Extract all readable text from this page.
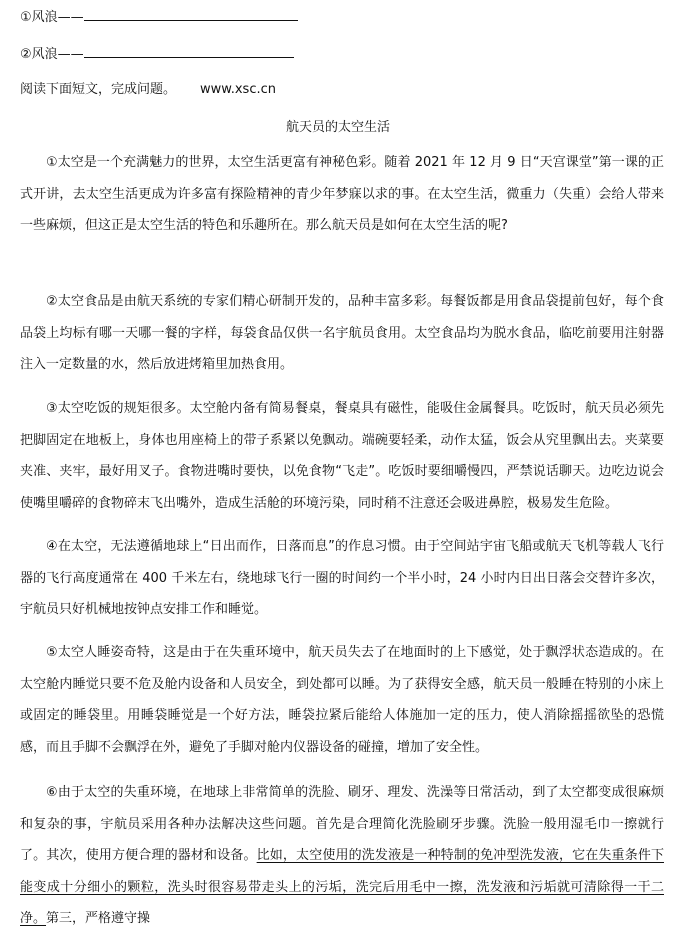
①风浪——
②风浪——
阅读下面短文，完成问题。 www.xsc.cn
航天员的太空生活
①太空是一个充满魅力的世界，太空生活更富有神秘色彩。随着 2021 年 12 月 9 日“天宫课堂”第一课的正式开讲，去太空生活更成为许多富有探险精神的青少年梦寐以求的事。在太空生活，微重力（失重）会给人带来一些麻烦，但这正是太空生活的特色和乐趣所在。那么航天员是如何在太空生活的呢?
②太空食品是由航天系统的专家们精心研制开发的，品种丰富多彩。每餐饭都是用食品袋提前包好，每个食品袋上均标有哪一天哪一餐的字样，每袋食品仅供一名宇航员食用。太空食品均为脱水食品，临吃前要用注射器注入一定数量的水，然后放进烤箱里加热食用。
③太空吃饭的规矩很多。太空舱内备有简易餐桌，餐桌具有磁性，能吸住金属餐具。吃饭时，航天员必须先把脚固定在地板上，身体也用座椅上的带子系紧以免飘动。端碗要轻柔，动作太猛，饭会从究里飘出去。夹菜要夹准、夹牢，最好用叉子。食物进嘴时要快，以免食物“飞走”。吃饭时要细嚼慢四，严禁说话聊天。边吃边说会使嘴里嚼碎的食物碎末飞出嘴外，造成生活舱的环境污染，同时稍不注意还会吸进鼻腔，极易发生危险。
④在太空，无法遵循地球上“日出而作，日落而息”的作息习惯。由于空间站宇宙飞船或航天飞机等载人飞行器的飞行高度通常在 400 千米左右，绕地球飞行一圈的时间约一个半小时，24 小时内日出日落会交替许多次，宇航员只好机械地按钟点安排工作和睡觉。
⑤太空人睡姿奇特，这是由于在失重环境中，航天员失去了在地面时的上下感觉，处于飘浮状态造成的。在太空舱内睡觉只要不危及舱内设备和人员安全，到处都可以睡。为了获得安全感，航天员一般睡在特别的小床上或固定的睡袋里。用睡袋睡觉是一个好方法，睡袋拉紧后能给人体施加一定的压力，使人消除摇摇欲坠的恐慌感，而且手脚不会飘浮在外，避免了手脚对舱内仪器设备的碰撞，增加了安全性。
⑥由于太空的失重环境，在地球上非常简单的洗脸、刷牙、理发、洗澡等日常活动，到了太空都变成很麻烦和复杂的事，宇航员采用各种办法解决这些问题。首先是合理简化洗脸刷牙步骤。洗脸一般用湿毛巾一擦就行了。其次，使用方便合理的器材和设备。比如，太空使用的洗发液是一种特制的免冲型洗发液，它在失重条件下能变成十分细小的颗粒，洗头时很容易带走头上的污垢，洗完后用毛中一擦，洗发液和污垢就可清除得一干二净。第三，严格遵守操
